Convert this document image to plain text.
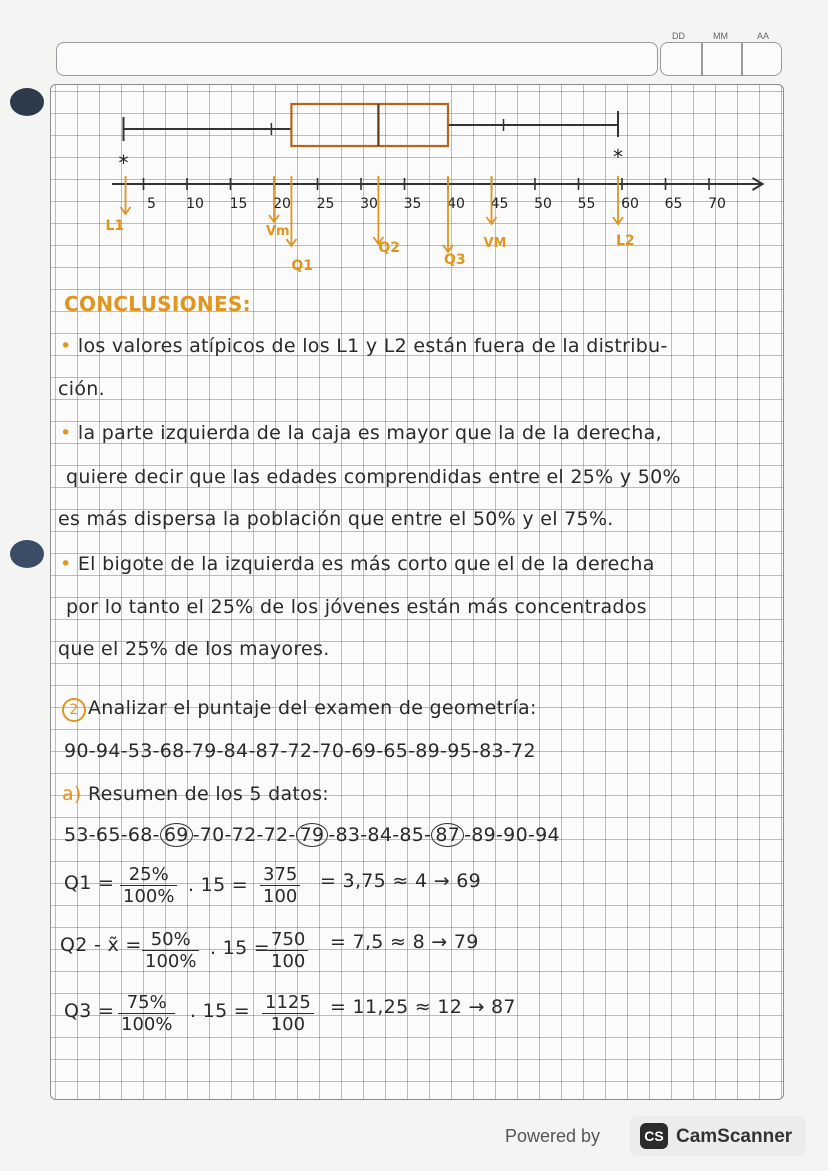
DD	MM	AA
5 10 15 20 25 30 35 40 45 50 55 60 65 70
*	*
L1	Vm
Q1
Q2
Q3
VM	L2
CONCLUSIONES:
• los valores atípicos de los L1 y L2 están fuera de la distribu-
ción.
• la parte izquierda de la caja es mayor que la de la derecha,
quiere decir que las edades comprendidas entre el 25% y 50%
es más dispersa la población que entre el 50% y el 75%.
• El bigote de la izquierda es más corto que el de la derecha
por lo tanto el 25% de los jóvenes están más concentrados
que el 25% de los mayores.
2 Analizar el puntaje del examen de geometría:
90-94-53-68-79-84-87-72-70-69-65-89-95-83-72
a) Resumen de los 5 datos:
53-65-68- 69 -70-72-72- 79 -83-84-85- 87 -89-90-94
$Q1 = \frac{25\%}{100\%}$ . $15 = \frac{375}{100} = 3,75 \approx 4 \to 69$
Q2 - x̃ = $\frac{50\%}{100\%}$ . 15 =
$\frac{750}{100} = 7,5 \approx 8 \to 79$
$Q3 = \frac{75\%}{100\%}$ . $15 = \frac{1125}{100} = 11,25 \approx 12 \to 87$
Powered by	CS CamScanner
